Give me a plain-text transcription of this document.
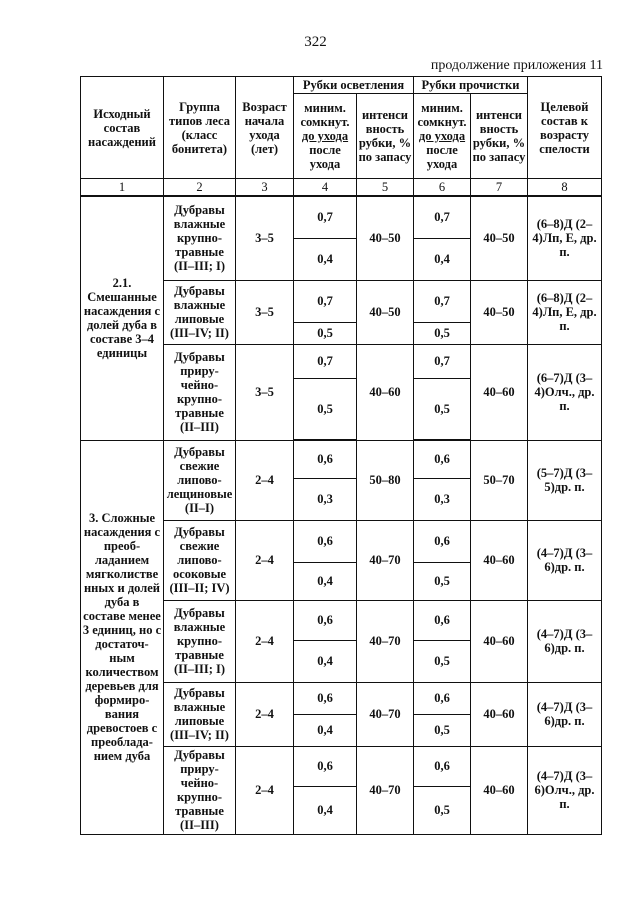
322
продолжение приложения 11
Исходный состав насаждений	Группа типов леса (класс бонитета)	Возраст начала ухода (лет)	Рубки осветления		Рубки прочистки		Целевой состав к возрасту спелости
			миним. сомкнут.
до ухода
после ухода	интенси вность рубки, % по запасу	миним. сомкнут.
до ухода
после ухода	интенси вность рубки, % по запасу	
1	2	3	4	5	6	7	8
2.1. Смешанные насаждения с долей дуба в составе 3–4 единицы	Дубравы влажные крупно- травные (II–III; I)	3–5	0,7	40–50	0,7	40–50	(6–8)Д (2–4)Лп, Е, др. п.
			0,4		0,4		
	Дубравы влажные липовые (III–IV; II)	3–5	0,7	40–50	0,7	40–50	(6–8)Д (2–4)Лп, Е, др. п.
			0,5		0,5		
	Дубравы приру- чейно- крупно- травные (II–III)	3–5	0,7	40–60	0,7	40–60	(6–7)Д (3–4)Олч., др. п.
			0,5		0,5		
3. Сложные насаждения с преоб- ладанием мягколистве нных и долей дуба в составе менее 3 единиц, но с достаточ- ным количеством деревьев для формиро- вания древостоев с преоблада- нием дуба	Дубравы свежие липово- лещиновые (II–I)	2–4	0,6	50–80	0,6	50–70	(5–7)Д (3–5)др. п.
			0,3		0,3		
	Дубравы свежие липово- осоковые (III–II; IV)	2–4	0,6	40–70	0,6	40–60	(4–7)Д (3–6)др. п.
			0,4		0,5		
	Дубравы влажные крупно- травные (II–III; I)	2–4	0,6	40–70	0,6	40–60	(4–7)Д (3–6)др. п.
			0,4		0,5		
	Дубравы влажные липовые (III–IV; II)	2–4	0,6	40–70	0,6	40–60	(4–7)Д (3–6)др. п.
			0,4		0,5		
	Дубравы приру- чейно- крупно- травные (II–III)	2–4	0,6	40–70	0,6	40–60	(4–7)Д (3–6)Олч., др. п.
			0,4		0,5		
